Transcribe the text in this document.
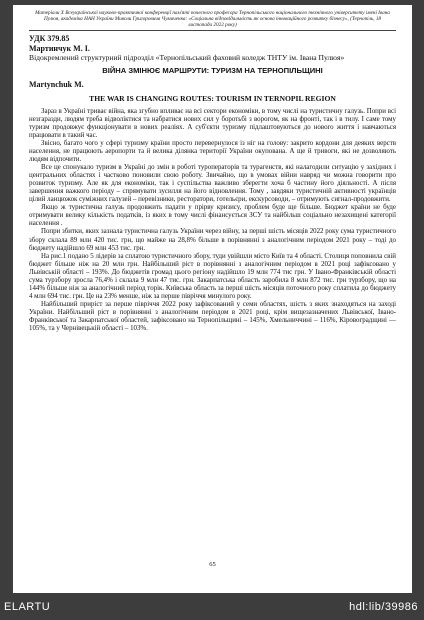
Матеріали Х Всеукраїнської науково-практичної конференції пам'яті почесного професора Тернопільського національного технічного університету імені Івана Пулюя, академіка НАН України Миколи Григоровича Чумаченка: «Соціальна відповідальність як основа інноваційного розвитку бізнесу», (Тернопіль, 18 листопада 2022 року)
УДК 379.85
Мартинчук М. І.
Відокремлений структурний підрозділ «Тернопільський фаховий коледж ТНТУ ім. Івана Пулюя»
ВІЙНА ЗМІНЮЄ МАРШРУТИ: ТУРИЗМ НА ТЕРНОПІЛЬЩИНІ
Martynchuk M.
THE WAR IS CHANGING ROUTES: TOURISM IN TERNOPIL REGION

Зараз в Україні триває війна, яка згубно впливає на всі сектори економіки, в тому числі на туристичну галузь. Попри всі незгаразди, людям треба відволіктися та набратися нових сил у боротьбі з ворогом, як на фронті, так і в тилу. І саме тому туризм продовжує функціонувати в нових реаліях. А суб'єкти туризму підлаштовуються до нового життя і навчаються працювати в такий час.

Звісно, багато чого у сфері туризму країни просто перевернулося із ніг на голову: закрито кордони для деяких верств населення, не працюють аеропорти та й велика ділянка території України окупована. А ще й тривоги, які не дозволяють людям відпочити.

Все це спонукало туризм в Україні до змін в роботі туроператорів та турагенств, які налагодили ситуацію у західних і центральних областях і частково поновили свою роботу. Звичайно, що в умовах війни навряд чи можна говорити про розвиток туризму. Але як для економіки, так і суспільства важливо зберегти хоча б частину його діяльності. А після завершення важкого періоду – спрямувати зусилля на його відновлення. Тому , завдяки туристичній активності українців цілий ланцюжок суміжних галузей – перевізники, ресторатори, готельєри, екскурсоводи, – отримують сигнал-продовжити.

Якщо ж туристична галузь продовжить падати у прірву кризису, проблем буде ще більше. Бюджет країни не буде отримувати велику кількість податків, із яких в тому числі фінансується ЗСУ та найбільш соціально незахищені категорії населення .

Попри збитки, яких зазнала туристична галузь України через війну, за перші шість місяців 2022 року сума туристичного збору склала 89 млн 420 тис. грн, що майже на 28,8% більше в порівнянні з аналогічним періодом 2021 року – тоді до бюджету надійшло 69 млн 453 тис. грн.

На рис.1 подано 5 лідерів за сплатою туристичного збору, туди увійшли місто Київ та 4 області. Столиця поповнила свій бюджет більше ніж на 20 млн грн. Найбільший ріст в порівнянні з аналогічним періодом в 2021 році зафіксовано у Львівській області – 193%. До бюджетів громад цього регіону надійшло 19 млн 774 тис грн. У Івано-Франківській області сума турзбору зросла 76,4% і склала 9 млн 47 тис. грн. Закарпатська область заробила 8 млн 872 тис. грн турзбору, що на 144% більше ніж за аналогічний період торік. Київська область за перші шість місяців поточного року сплатила до бюджету 4 млн 694 тис. грн. Це на 23% менше, ніж за перше півріччя минулого року.

Найбільший приріст за перше півріччя 2022 року зафіксований у семи областях, шість з яких знаходяться на заході України. Найбільший ріст в порівнянні з аналогічним періодом в 2021 році, крім вищезазначених Львівської, Івано-Франківської та Закарпатської областей, зафіксовано на Тернопільщині – 145%, Хмельниччині – 116%, Кіровоградщині — 105%, та у Чернівецькій області – 103%.

65
ELARTU	hdl:lib/39986
